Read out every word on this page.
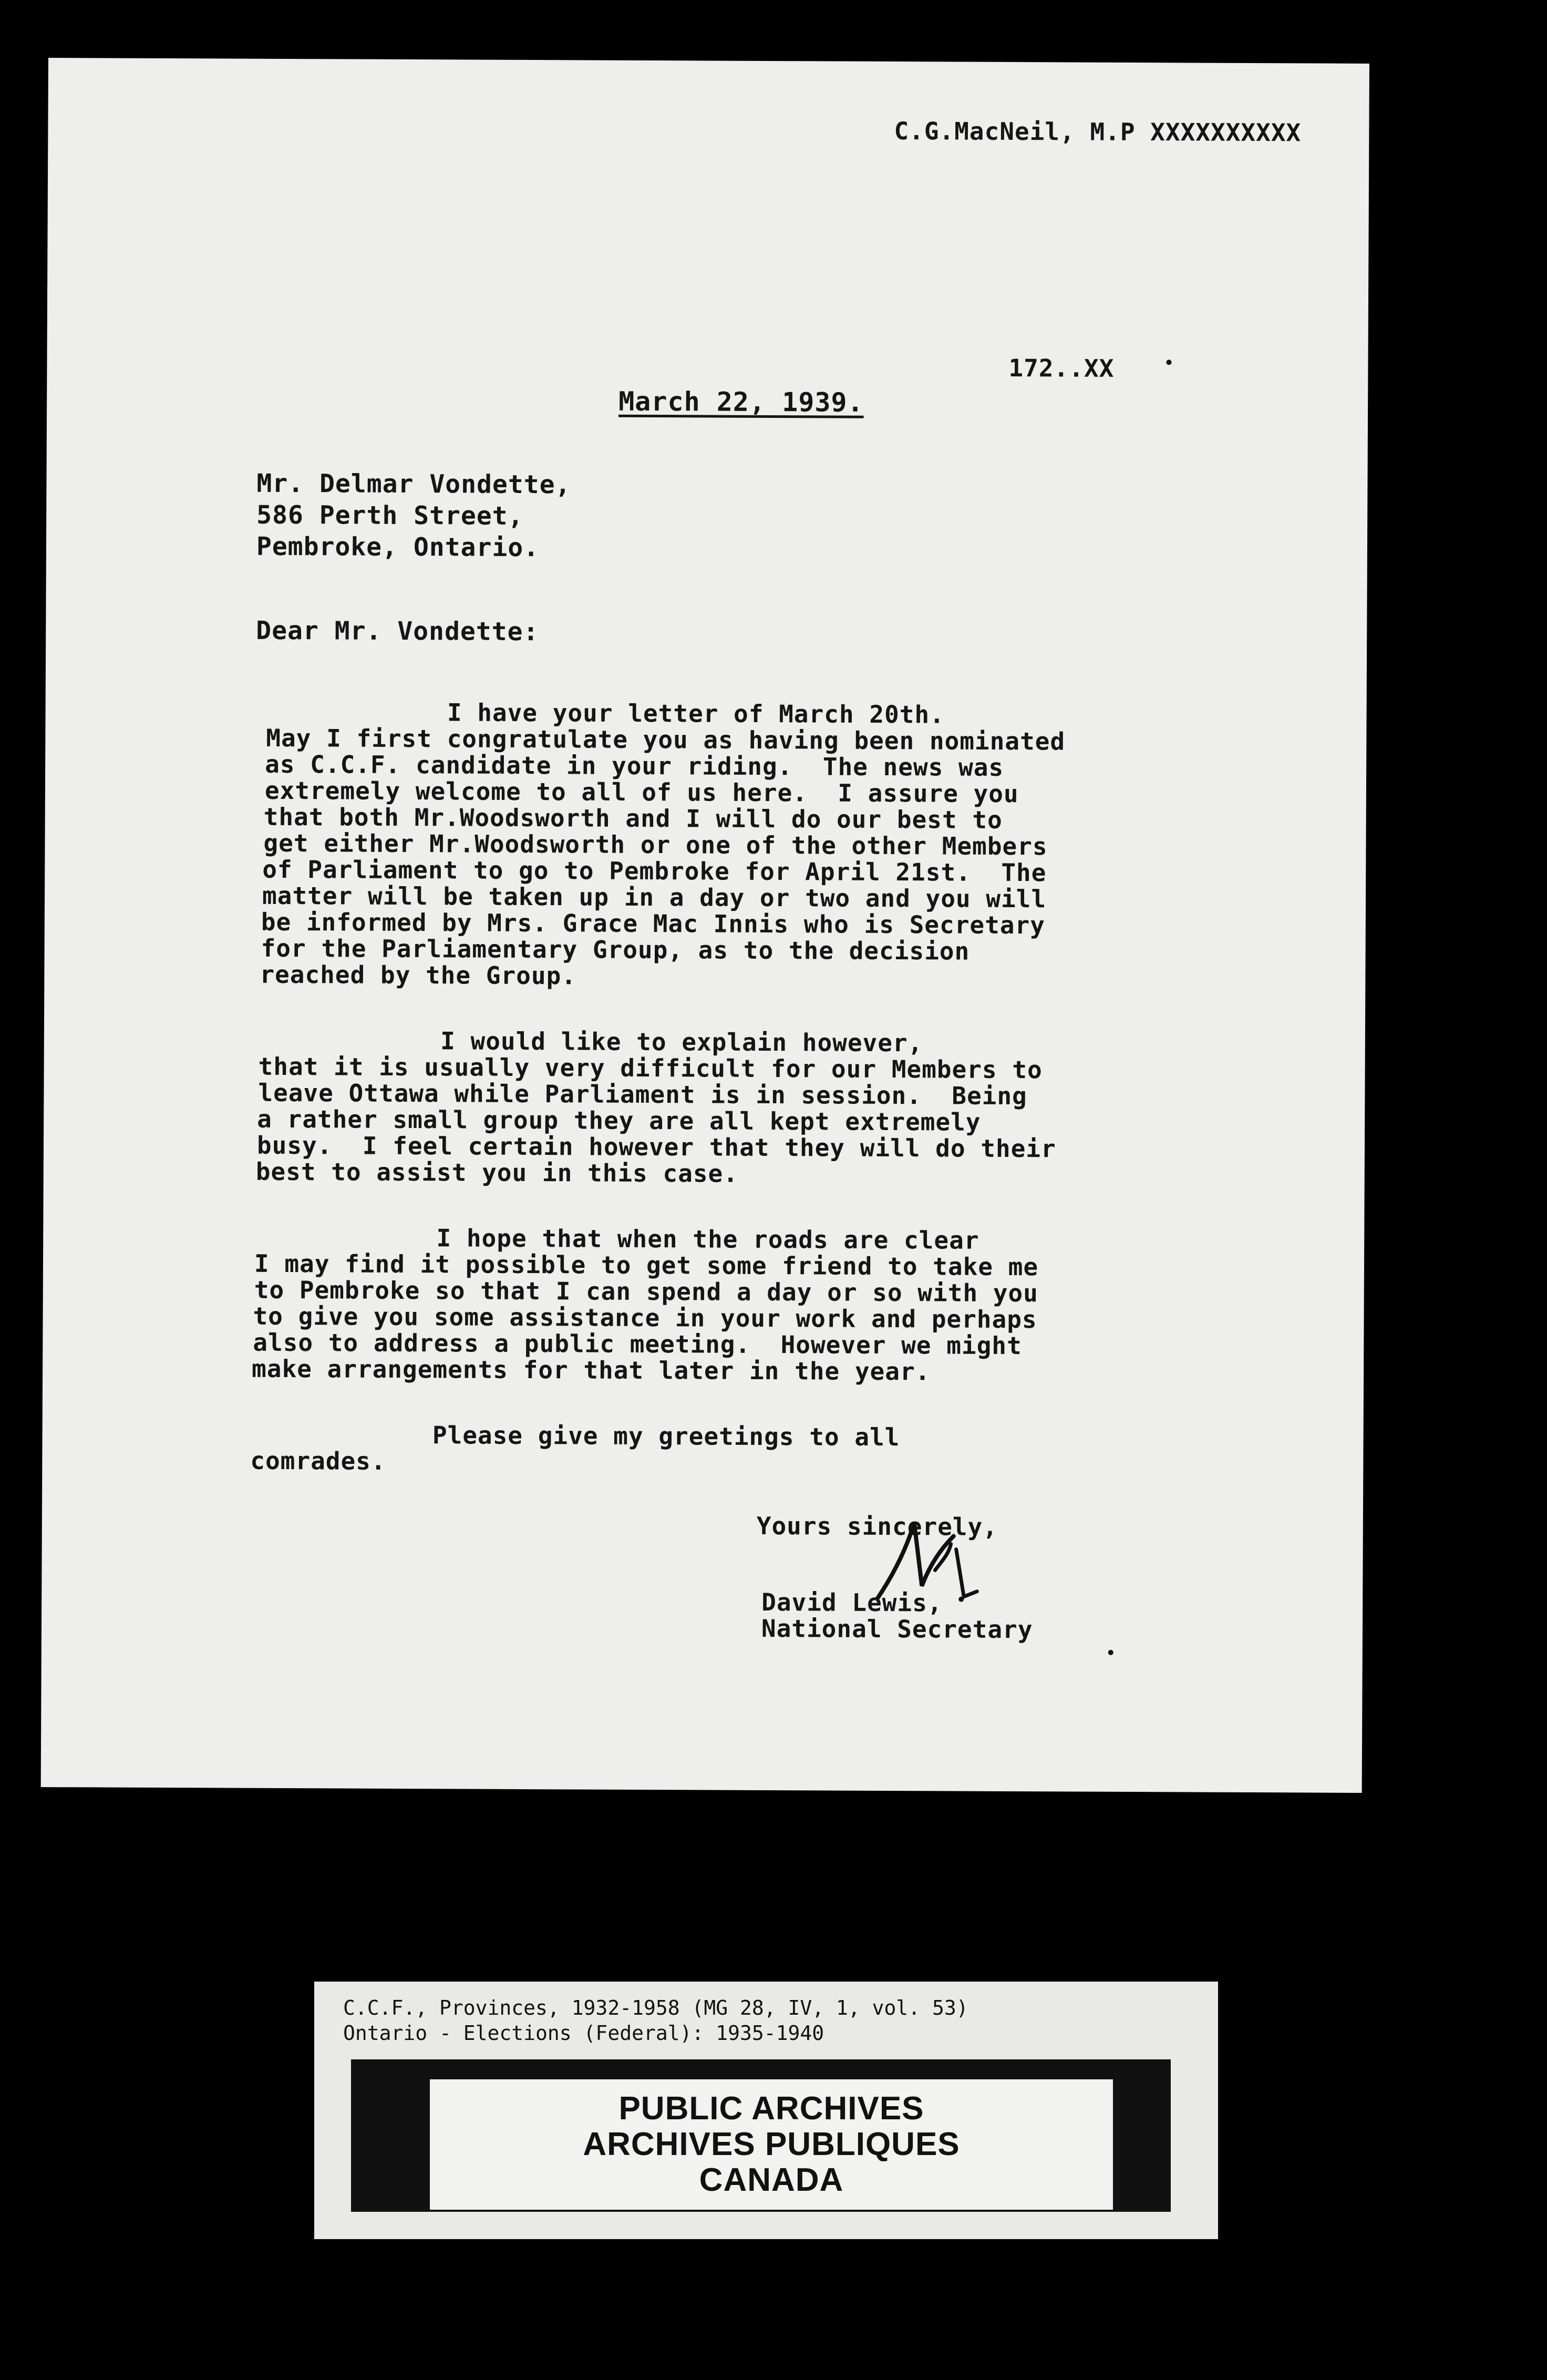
C.G.MacNeil, M.P XXXXXXXXXX
172..XX
March 22, 1939.
Mr. Delmar Vondette,
586 Perth Street,
Pembroke, Ontario.
Dear Mr. Vondette:
I have your letter of March 20th.
May I first congratulate you as having been nominated
as C.C.F. candidate in your riding.  The news was
extremely welcome to all of us here.  I assure you
that both Mr.Woodsworth and I will do our best to
get either Mr.Woodsworth or one of the other Members
of Parliament to go to Pembroke for April 21st.  The
matter will be taken up in a day or two and you will
be informed by Mrs. Grace Mac Innis who is Secretary
for the Parliamentary Group, as to the decision
reached by the Group.
I would like to explain however,
that it is usually very difficult for our Members to
leave Ottawa while Parliament is in session.  Being
a rather small group they are all kept extremely
busy.  I feel certain however that they will do their
best to assist you in this case.
I hope that when the roads are clear
I may find it possible to get some friend to take me
to Pembroke so that I can spend a day or so with you
to give you some assistance in your work and perhaps
also to address a public meeting.  However we might
make arrangements for that later in the year.
Please give my greetings to all
comrades.
Yours sincerely,
David Lewis,
National Secretary
C.C.F., Provinces, 1932-1958 (MG 28, IV, 1, vol. 53)
Ontario - Elections (Federal): 1935-1940
PUBLIC ARCHIVES
ARCHIVES PUBLIQUES
CANADA
